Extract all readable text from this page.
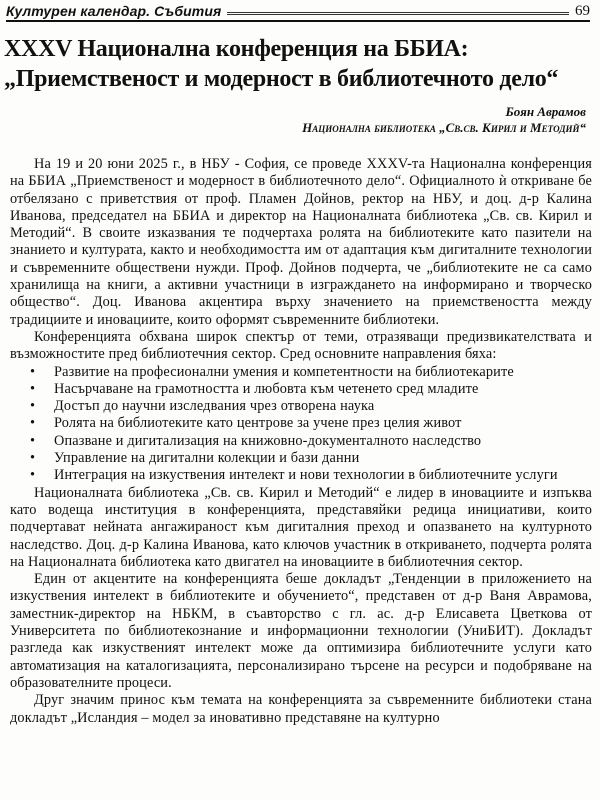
Културен календар. Събития	69
XXXV Национална конференция на ББИА:
„Приемственост и модерност в библиотечното дело“
Боян Аврамов
Национална библиотека „Св.св. Кирил и Методий“

На 19 и 20 юни 2025 г., в НБУ - София, се проведе XXXV-та Национална конференция на ББИА „Приемственост и модерност в библиотечното дело“. Официалното ѝ откриване бе отбелязано с приветствия от проф. Пламен Дойнов, ректор на НБУ, и доц. д-р Калина Иванова, председател на ББИА и директор на Националната библиотека „Св. св. Кирил и Методий“. В своите изказвания те подчертаха ролята на библиотеките като пазители на знанието и културата, както и необходимостта им от адаптация към дигиталните технологии и съвременните обществени нужди. Проф. Дойнов подчерта, че „библиотеките не са само хранилища на книги, а активни участници в изграждането на информирано и творческо общество“. Доц. Иванова акцентира върху значението на приемствеността между традициите и иновациите, които оформят съвременните библиотеки.

Конференцията обхвана широк спектър от теми, отразяващи предизвикателствата и възможностите пред библиотечния сектор. Сред основните направления бяха:

• Развитие на професионални умения и компетентности на библиотекарите
• Насърчаване на грамотността и любовта към четенето сред младите
• Достъп до научни изследвания чрез отворена наука
• Ролята на библиотеките като центрове за учене през целия живот
• Опазване и дигитализация на книжовно-документалното наследство
• Управление на дигитални колекции и бази данни
• Интеграция на изкуствения интелект и нови технологии в библиотечните услуги

Националната библиотека „Св. св. Кирил и Методий“ е лидер в иновациите и изпъква като водеща институция в конференцията, представяйки редица инициативи, които подчертават нейната ангажираност към дигиталния преход и опазването на културното наследство. Доц. д-р Калина Иванова, като ключов участник в откриването, подчерта ролята на Националната библиотека като двигател на иновациите в библиотечния сектор.

Един от акцентите на конференцията беше докладът „Тенденции в приложението на изкуствения интелект в библиотеките и обучението“, представен от д-р Ваня Аврамова, заместник-директор на НБКМ, в съавторство с гл. ас. д-р Елисавета Цветкова от Университета по библиотекознание и информационни технологии (УниБИТ). Докладът разгледа как изкуственият интелект може да оптимизира библиотечните услуги като автоматизация на каталогизацията, персонализирано търсене на ресурси и подобряване на образователните процеси.

Друг значим принос към темата на конференцията за съвременните библиотеки стана докладът „Исландия – модел за иновативно представяне на културно
